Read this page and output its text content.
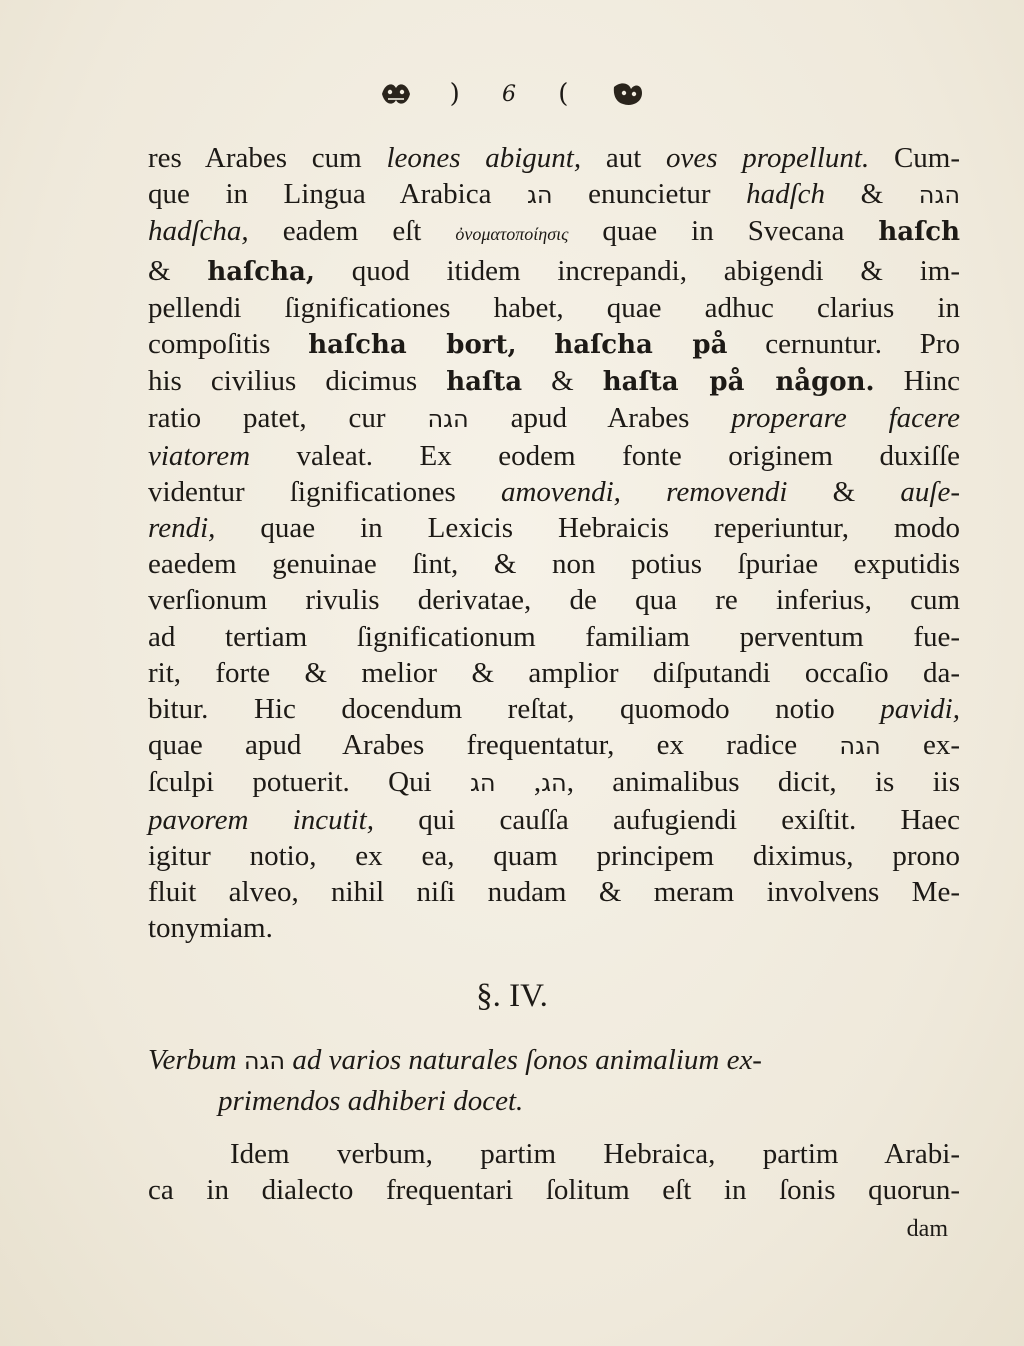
) 6 (
res Arabes cum leones abigunt, aut oves propellunt. Cum-
que in Lingua Arabica הג enuncietur hadſch & הגה
hadſcha, eadem eſt ὀνοματοποίησις quae in Svecana haſch
& haſcha, quod itidem increpandi, abigendi & im-
pellendi ſignificationes habet, quae adhuc clarius in
compoſitis haſcha bort, haſcha på cernuntur. Pro
his civilius dicimus haſta & haſta på någon. Hinc
ratio patet, cur הגה apud Arabes properare facere
viatorem valeat. Ex eodem fonte originem duxiſſe
videntur ſignificationes amovendi, removendi & auſe-
rendi, quae in Lexicis Hebraicis reperiuntur, modo
eaedem genuinae ſint, & non potius ſpuriae exputidis
verſionum rivulis derivatae, de qua re inferius, cum
ad tertiam ſignificationum familiam perventum fue-
rit, forte & melior & amplior diſputandi occaſio da-
bitur. Hic docendum reſtat, quomodo notio pavidi,
quae apud Arabes frequentatur, ex radice הגה ex-
ſculpi potuerit. Qui	הג, הג , animalibus dicit, is iis
pavorem incutit, qui cauſſa aufugiendi exiſtit. Haec
igitur notio, ex ea, quam principem diximus, prono
fluit alveo, nihil niſi nudam & meram involvens Me-
tonymiam.
§. IV.
Verbum הגה ad varios naturales ſonos animalium ex-
primendos adhiberi docet.
Idem verbum, partim Hebraica, partim Arabi-
ca in dialecto frequentari ſolitum eſt in ſonis quorun-
dam
